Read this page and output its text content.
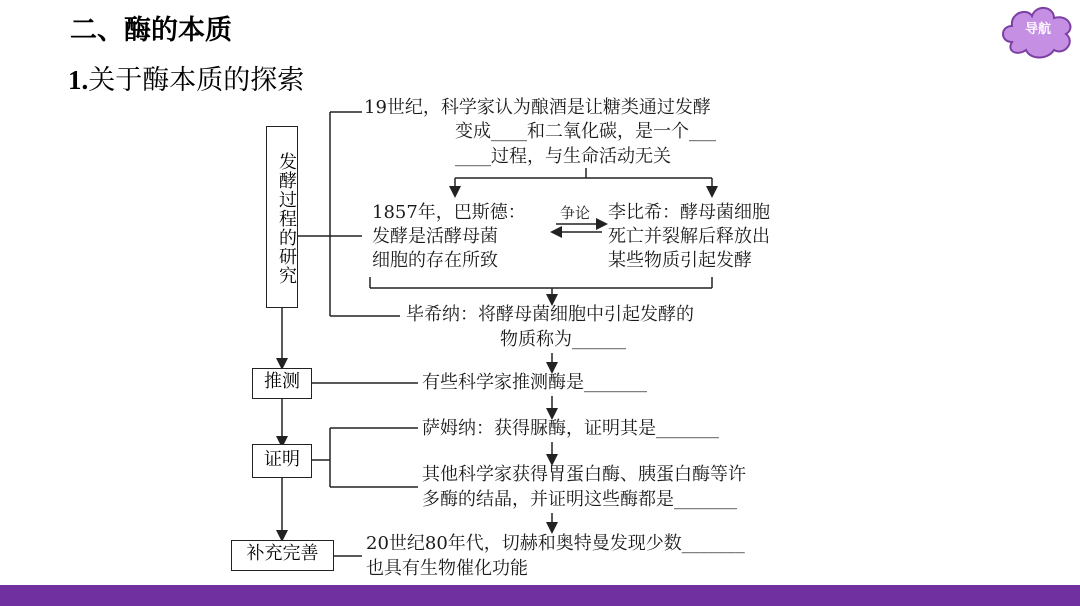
二、酶的本质
1.关于酶本质的探索
导航
发酵过程的研究
19世纪，科学家认为酿酒是让糖类通过发酵
变成____和二氧化碳，是一个___
____过程，与生命活动无关
1857年，巴斯德：
发酵是活酵母菌
细胞的存在所致
争论 李比希：酵母菌细胞
死亡并裂解后释放出
某些物质引起发酵
毕希纳：将酵母菌细胞中引起发酵的
物质称为______
推测	有些科学家推测酶是_______
证明
萨姆纳：获得脲酶，证明其是_______
其他科学家获得胃蛋白酶、胰蛋白酶等许
多酶的结晶，并证明这些酶都是_______
补充完善	20世纪80年代，切赫和奥特曼发现少数_______
也具有生物催化功能
